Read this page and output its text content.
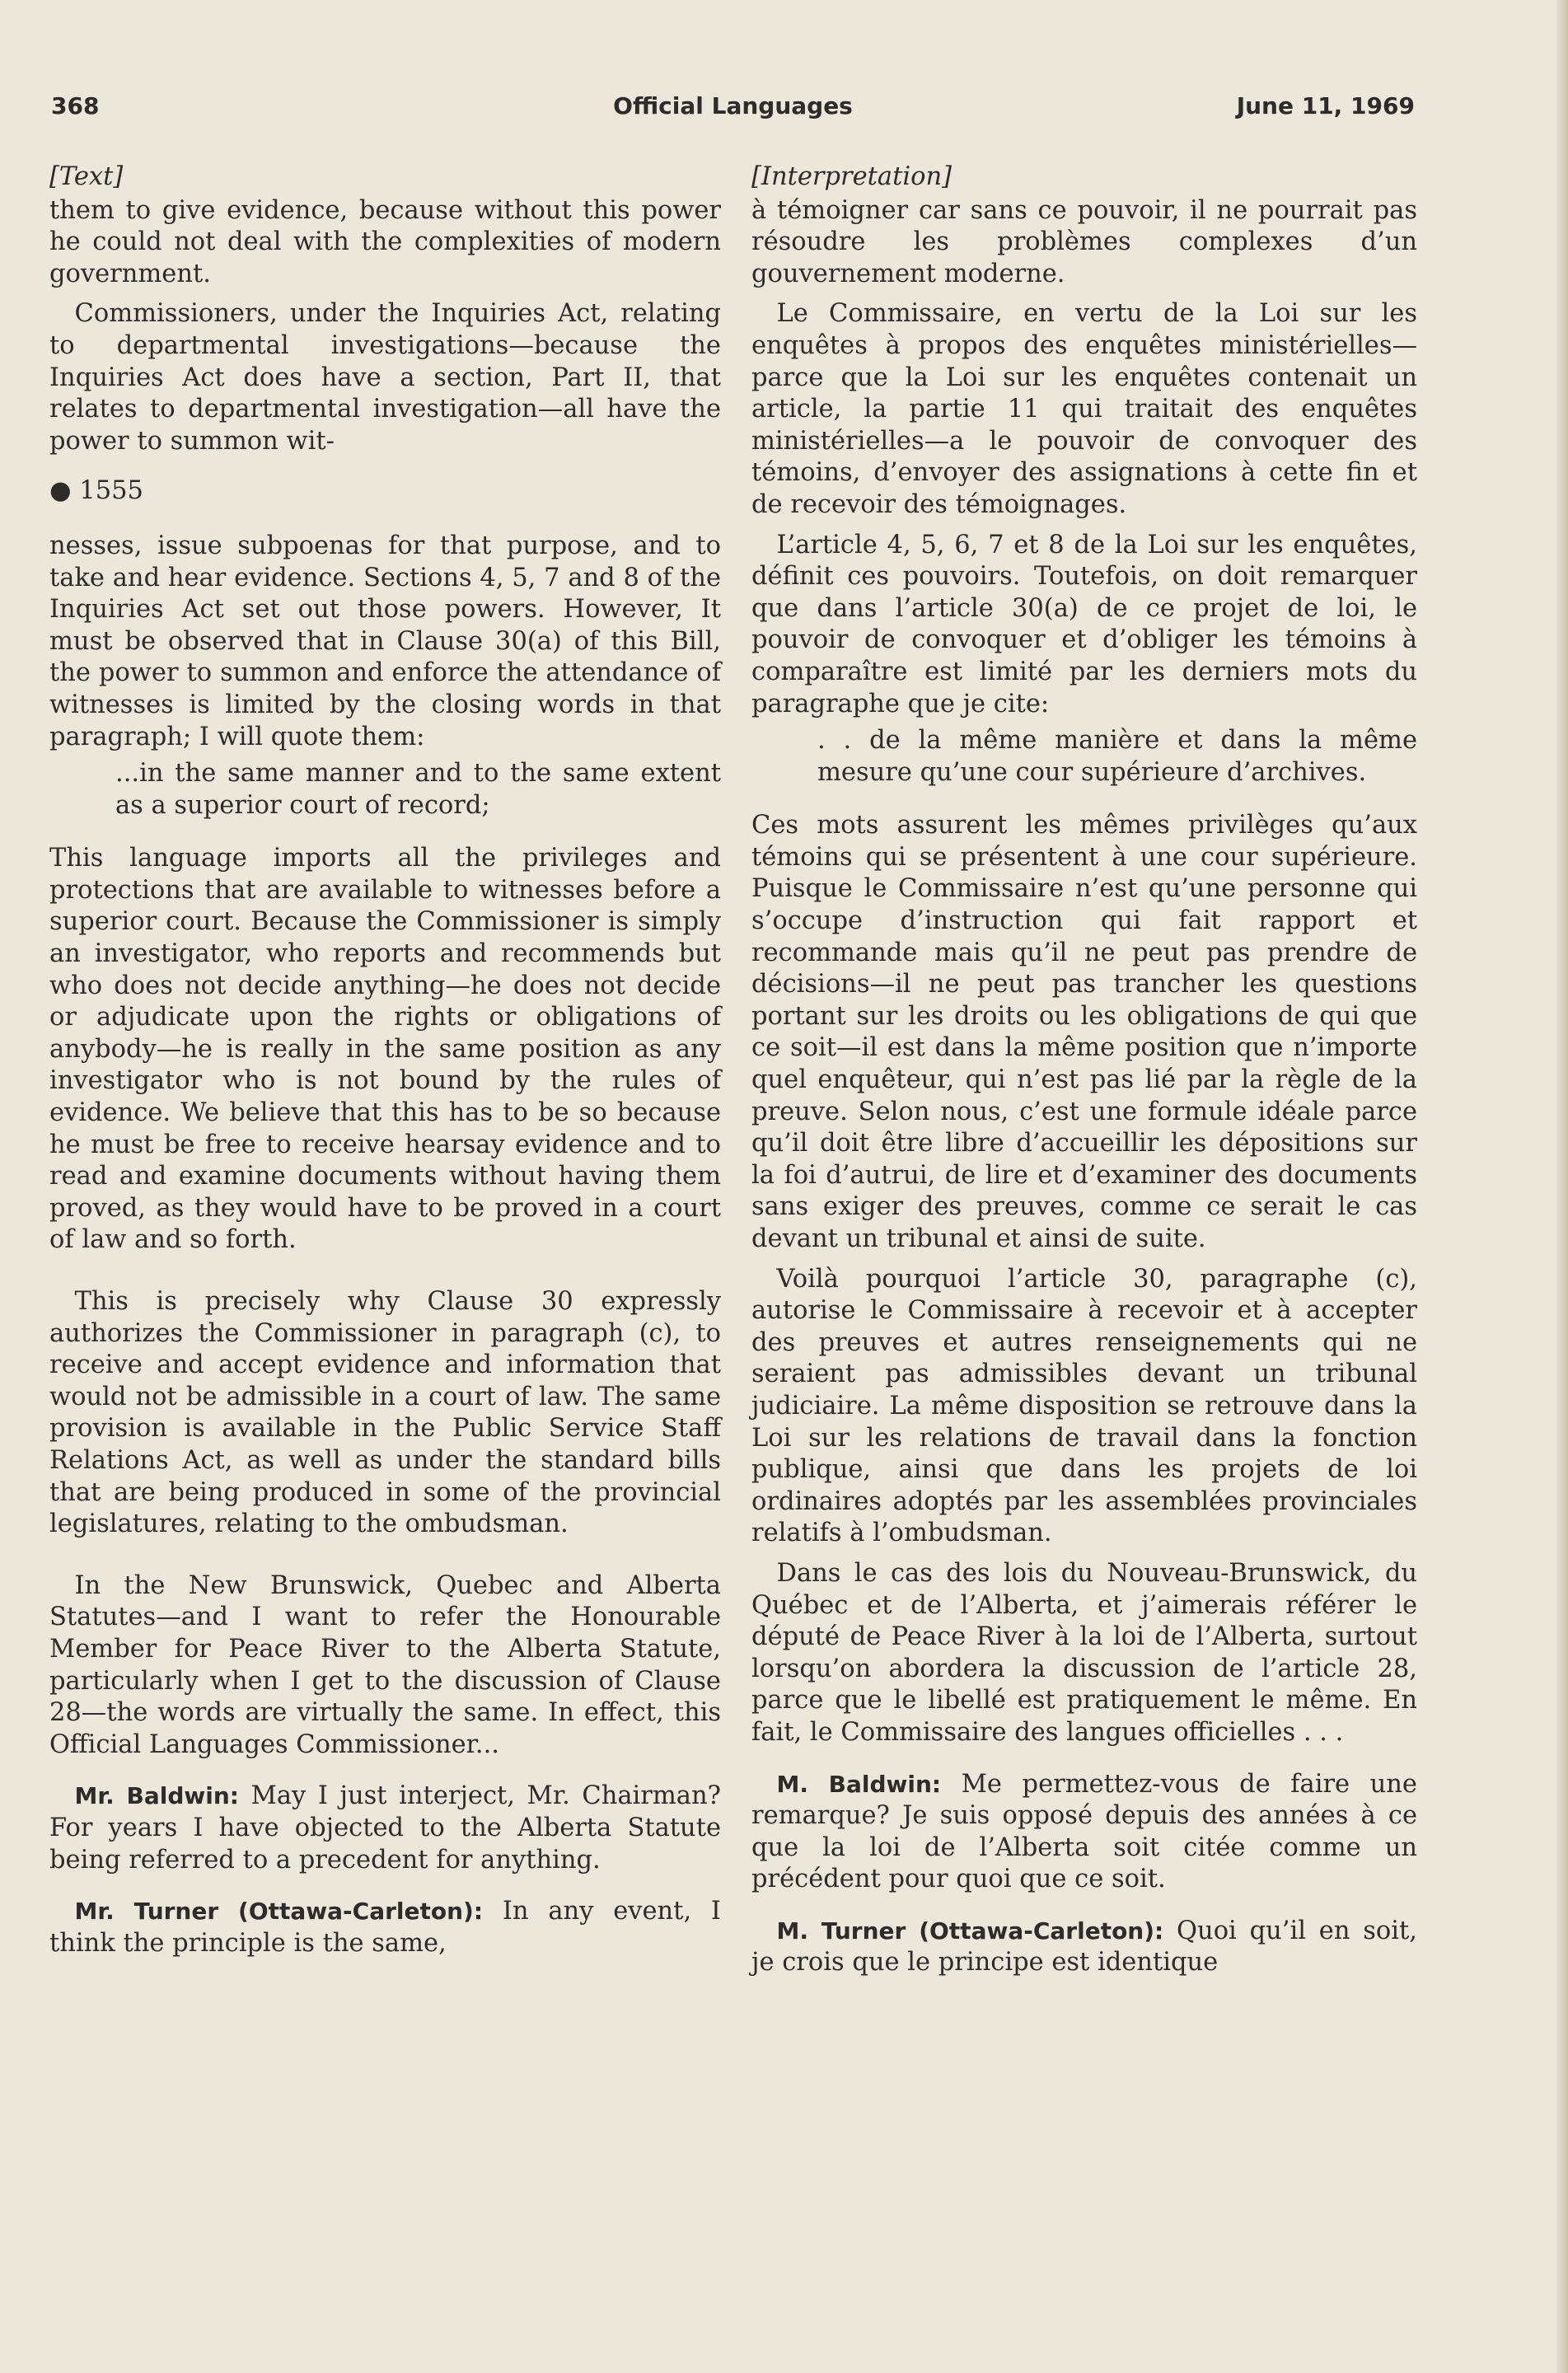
368	Official Languages	June 11, 1969

[Text]

them to give evidence, because without this power he could not deal with the complexities of modern government.

Commissioners, under the Inquiries Act, relating to departmental investigations—because the Inquiries Act does have a section, Part II, that relates to departmental investigation—all have the power to summon wit-

● 1555

nesses, issue subpoenas for that purpose, and to take and hear evidence. Sections 4, 5, 7 and 8 of the Inquiries Act set out those powers. However, It must be observed that in Clause 30(a) of this Bill, the power to summon and enforce the attendance of witnesses is limited by the closing words in that paragraph; I will quote them:

...in the same manner and to the same extent as a superior court of record;

This language imports all the privileges and protections that are available to witnesses before a superior court. Because the Commissioner is simply an investigator, who reports and recommends but who does not decide anything—he does not decide or adjudicate upon the rights or obligations of anybody—he is really in the same position as any investigator who is not bound by the rules of evidence. We believe that this has to be so because he must be free to receive hearsay evidence and to read and examine documents without having them proved, as they would have to be proved in a court of law and so forth.

This is precisely why Clause 30 expressly authorizes the Commissioner in paragraph (c), to receive and accept evidence and information that would not be admissible in a court of law. The same provision is available in the Public Service Staff Relations Act, as well as under the standard bills that are being produced in some of the provincial legislatures, relating to the ombudsman.

In the New Brunswick, Quebec and Alberta Statutes—and I want to refer the Honourable Member for Peace River to the Alberta Statute, particularly when I get to the discussion of Clause 28—the words are virtually the same. In effect, this Official Languages Commissioner...

Mr. Baldwin: May I just interject, Mr. Chairman? For years I have objected to the Alberta Statute being referred to a precedent for anything.

Mr. Turner (Ottawa-Carleton): In any event, I think the principle is the same,

[Interpretation]

à témoigner car sans ce pouvoir, il ne pourrait pas résoudre les problèmes complexes d’un gouvernement moderne.

Le Commissaire, en vertu de la Loi sur les enquêtes à propos des enquêtes ministérielles—parce que la Loi sur les enquêtes contenait un article, la partie 11 qui traitait des enquêtes ministérielles—a le pouvoir de convoquer des témoins, d’envoyer des assignations à cette fin et de recevoir des témoignages.

L’article 4, 5, 6, 7 et 8 de la Loi sur les enquêtes, définit ces pouvoirs. Toutefois, on doit remarquer que dans l’article 30(a) de ce projet de loi, le pouvoir de convoquer et d’obliger les témoins à comparaître est limité par les derniers mots du paragraphe que je cite:

. . de la même manière et dans la même mesure qu’une cour supérieure d’archives.

Ces mots assurent les mêmes privilèges qu’aux témoins qui se présentent à une cour supérieure. Puisque le Commissaire n’est qu’une personne qui s’occupe d’instruction qui fait rapport et recommande mais qu’il ne peut pas prendre de décisions—il ne peut pas trancher les questions portant sur les droits ou les obligations de qui que ce soit—il est dans la même position que n’importe quel enquêteur, qui n’est pas lié par la règle de la preuve. Selon nous, c’est une formule idéale parce qu’il doit être libre d’accueillir les dépositions sur la foi d’autrui, de lire et d’examiner des documents sans exiger des preuves, comme ce serait le cas devant un tribunal et ainsi de suite.

Voilà pourquoi l’article 30, paragraphe (c), autorise le Commissaire à recevoir et à accepter des preuves et autres renseignements qui ne seraient pas admissibles devant un tribunal judiciaire. La même disposition se retrouve dans la Loi sur les relations de travail dans la fonction publique, ainsi que dans les projets de loi ordinaires adoptés par les assemblées provinciales relatifs à l’ombudsman.

Dans le cas des lois du Nouveau-Brunswick, du Québec et de l’Alberta, et j’aimerais référer le député de Peace River à la loi de l’Alberta, surtout lorsqu’on abordera la discussion de l’article 28, parce que le libellé est pratiquement le même. En fait, le Commissaire des langues officielles . . .

M. Baldwin: Me permettez-vous de faire une remarque? Je suis opposé depuis des années à ce que la loi de l’Alberta soit citée comme un précédent pour quoi que ce soit.

M. Turner (Ottawa-Carleton): Quoi qu’il en soit, je crois que le principe est identique
